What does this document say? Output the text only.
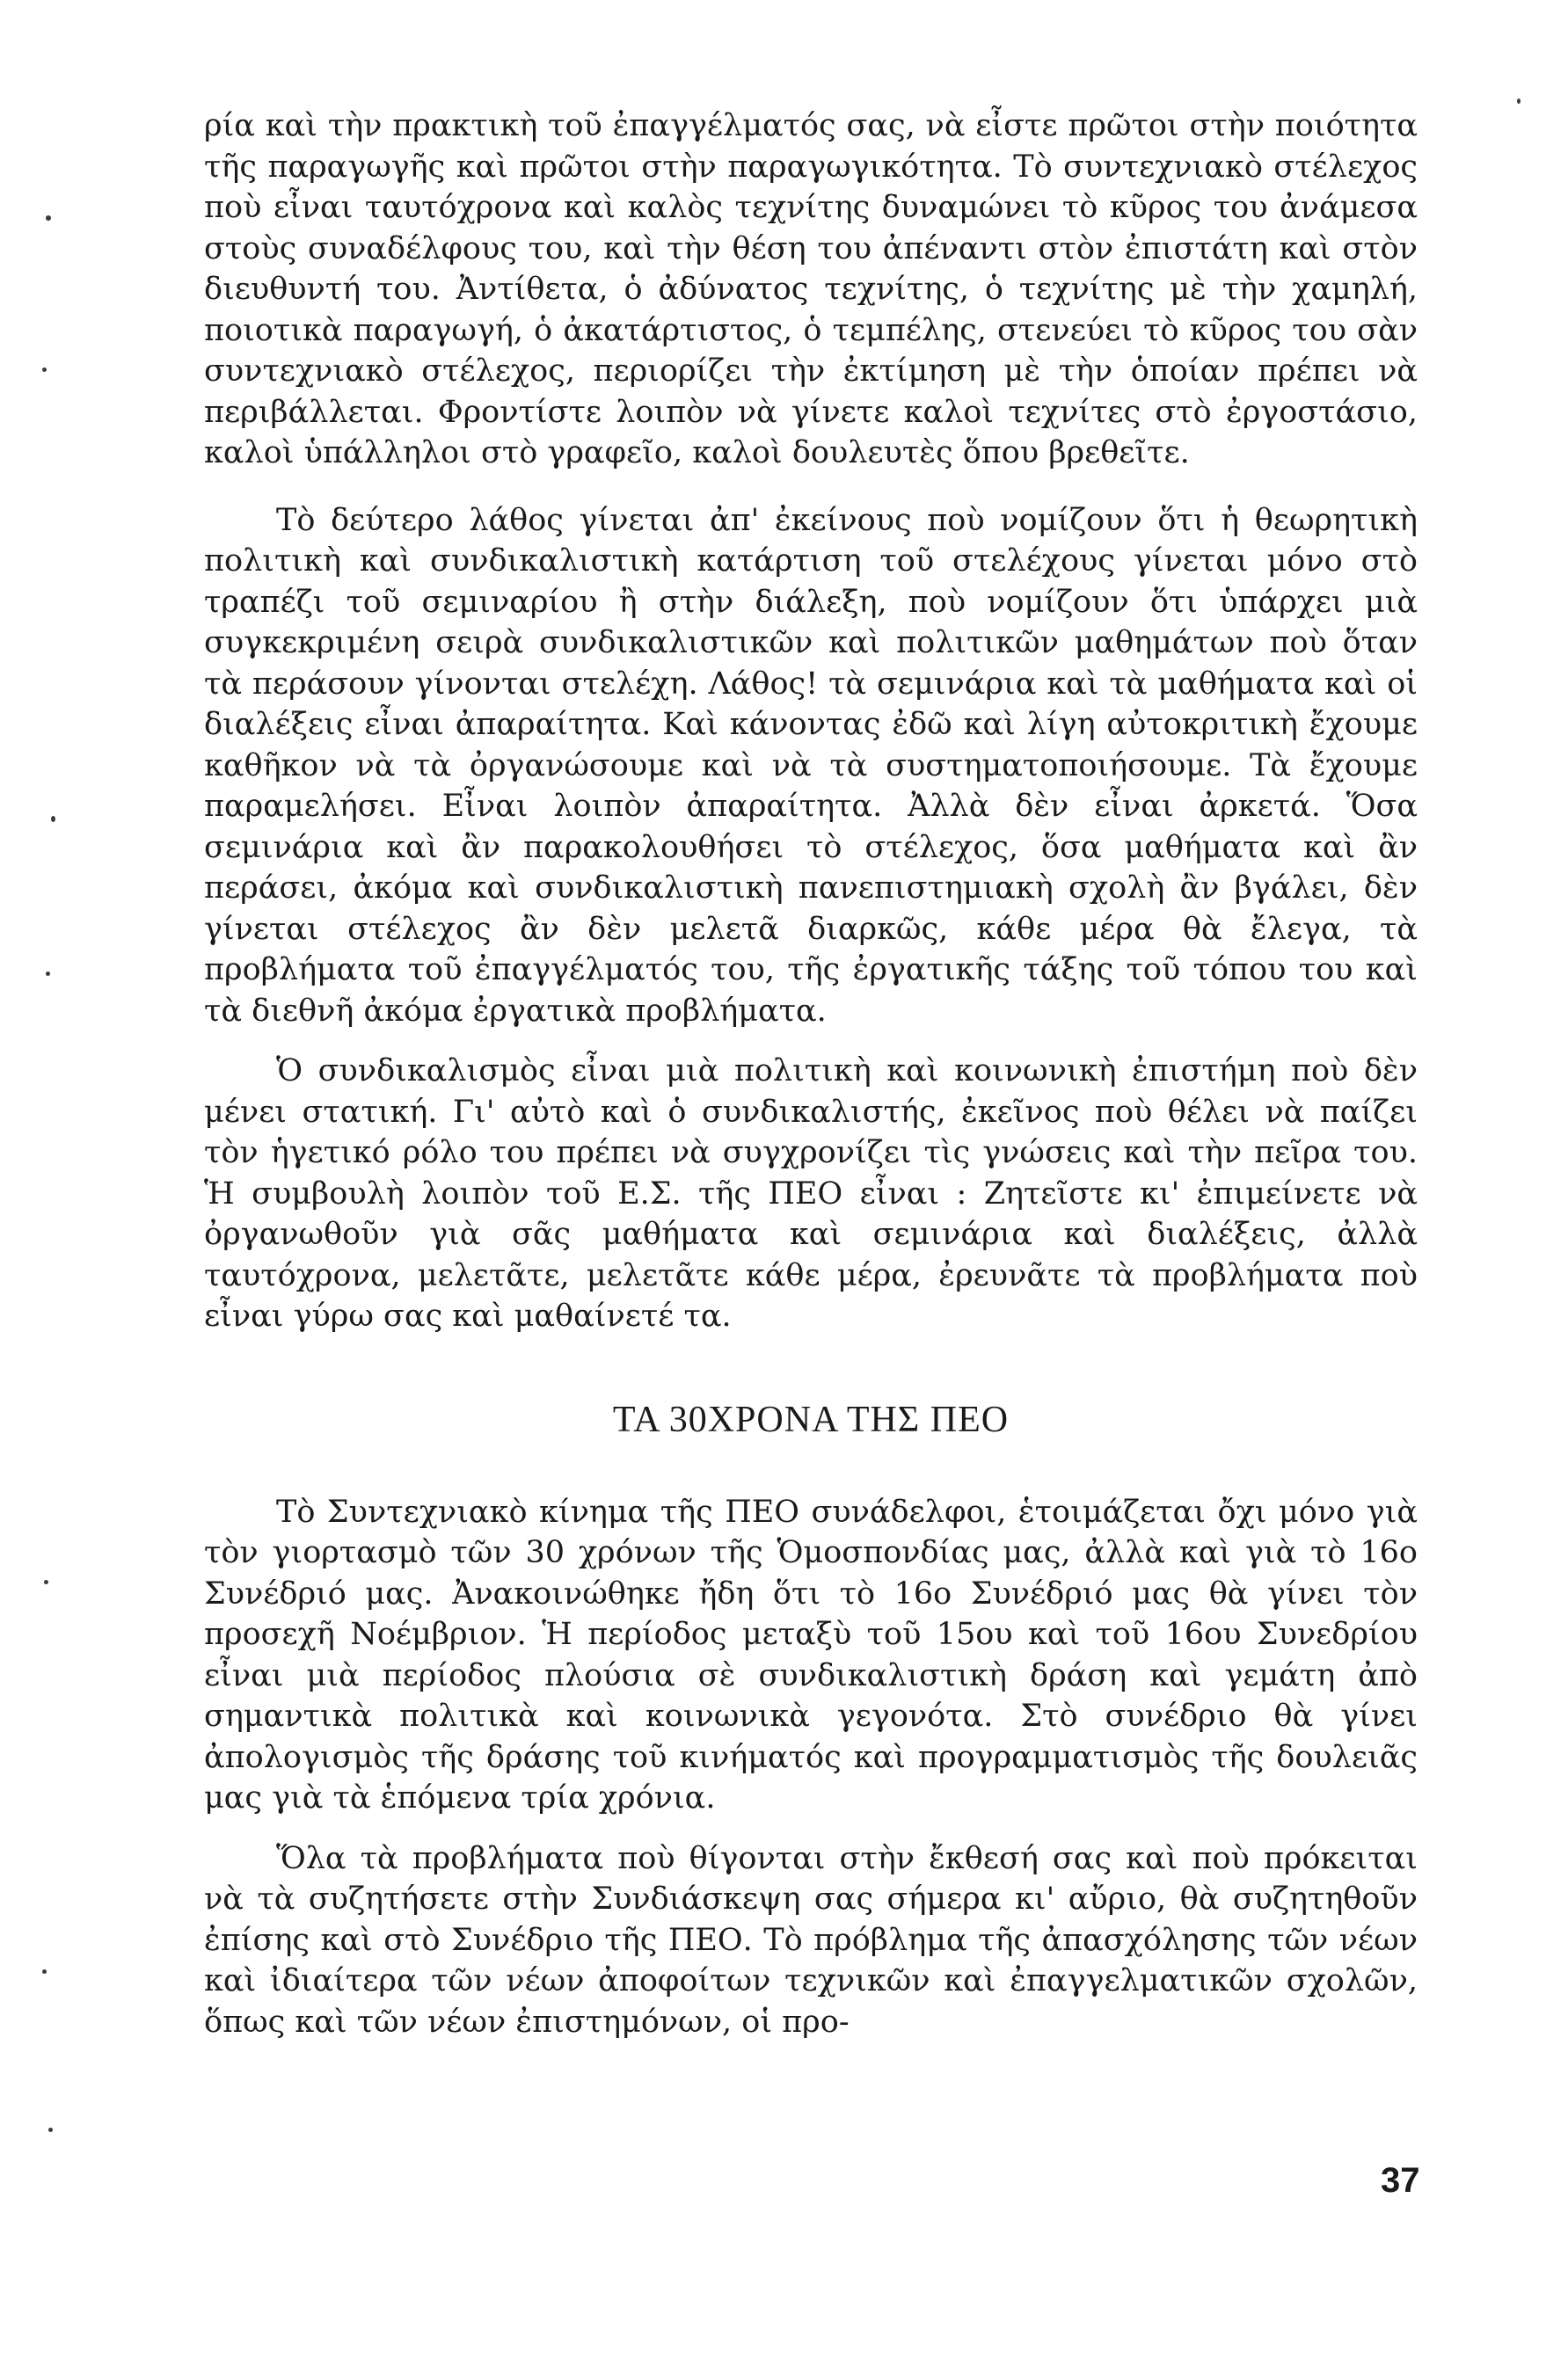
ρία καὶ τὴν πρακτικὴ τοῦ ἐπαγγέλματός σας, νὰ εἶστε πρῶτοι στὴν ποιότητα τῆς παραγωγῆς καὶ πρῶτοι στὴν παραγωγικότητα. Τὸ συντεχνιακὸ στέλεχος ποὺ εἶναι ταυτόχρονα καὶ καλὸς τεχνίτης δυναμώνει τὸ κῦρος του ἀνάμεσα στοὺς συναδέλφους του, καὶ τὴν θέση του ἀπέναντι στὸν ἐπιστάτη καὶ στὸν διευθυντή του. Ἀντίθετα, ὁ ἀδύνατος τεχνίτης, ὁ τεχνίτης μὲ τὴν χαμηλή, ποιοτικὰ παραγωγή, ὁ ἀκατάρτιστος, ὁ τεμπέλης, στενεύει τὸ κῦρος του σὰν συντεχνιακὸ στέλεχος, περιορίζει τὴν ἐκτίμηση μὲ τὴν ὁποίαν πρέπει νὰ περιβάλλεται. Φροντίστε λοιπὸν νὰ γίνετε καλοὶ τεχνίτες στὸ ἐργοστάσιο, καλοὶ ὑπάλληλοι στὸ γραφεῖο, καλοὶ δουλευτὲς ὅπου βρεθεῖτε.

Τὸ δεύτερο λάθος γίνεται ἀπ' ἐκείνους ποὺ νομίζουν ὅτι ἡ θεωρητικὴ πολιτικὴ καὶ συνδικαλιστικὴ κατάρτιση τοῦ στελέχους γίνεται μόνο στὸ τραπέζι τοῦ σεμιναρίου ἢ στὴν διάλεξη, ποὺ νομίζουν ὅτι ὑπάρχει μιὰ συγκεκριμένη σειρὰ συνδικαλιστικῶν καὶ πολιτικῶν μαθημάτων ποὺ ὅταν τὰ περάσουν γίνονται στελέχη. Λάθος! τὰ σεμινάρια καὶ τὰ μαθήματα καὶ οἱ διαλέξεις εἶναι ἀπαραίτητα. Καὶ κάνοντας ἐδῶ καὶ λίγη αὐτοκριτικὴ ἔχουμε καθῆκον νὰ τὰ ὀργανώσουμε καὶ νὰ τὰ συστηματοποιήσουμε. Τὰ ἔχουμε παραμελήσει. Εἶναι λοιπὸν ἀπαραίτητα. Ἀλλὰ δὲν εἶναι ἀρκετά. Ὅσα σεμινάρια καὶ ἂν παρακολουθήσει τὸ στέλεχος, ὅσα μαθήματα καὶ ἂν περάσει, ἀκόμα καὶ συνδικαλιστικὴ πανεπιστημιακὴ σχολὴ ἂν βγάλει, δὲν γίνεται στέλεχος ἂν δὲν μελετᾶ διαρκῶς, κάθε μέρα θὰ ἔλεγα, τὰ προβλήματα τοῦ ἐπαγγέλματός του, τῆς ἐργατικῆς τάξης τοῦ τόπου του καὶ τὰ διεθνῆ ἀκόμα ἐργατικὰ προβλήματα.

Ὁ συνδικαλισμὸς εἶναι μιὰ πολιτικὴ καὶ κοινωνικὴ ἐπιστήμη ποὺ δὲν μένει στατική. Γι' αὐτὸ καὶ ὁ συνδικαλιστής, ἐκεῖνος ποὺ θέλει νὰ παίζει τὸν ἡγετικό ρόλο του πρέπει νὰ συγχρονίζει τὶς γνώσεις καὶ τὴν πεῖρα του. Ἡ συμβουλὴ λοιπὸν τοῦ Ε.Σ. τῆς ΠΕΟ εἶναι : Ζητεῖστε κι' ἐπιμείνετε νὰ ὀργανωθοῦν γιὰ σᾶς μαθήματα καὶ σεμινάρια καὶ διαλέξεις, ἀλλὰ ταυτόχρονα, μελετᾶτε, μελετᾶτε κάθε μέρα, ἐρευνᾶτε τὰ προβλήματα ποὺ εἶναι γύρω σας καὶ μαθαίνετέ τα.

ΤΑ 30ΧΡΟΝΑ ΤΗΣ ΠΕΟ

Τὸ Συντεχνιακὸ κίνημα τῆς ΠΕΟ συνάδελφοι, ἑτοιμάζεται ὄχι μόνο γιὰ τὸν γιορτασμὸ τῶν 30 χρόνων τῆς Ὁμοσπονδίας μας, ἀλλὰ καὶ γιὰ τὸ 16ο Συνέδριό μας. Ἀνακοινώθηκε ἤδη ὅτι τὸ 16ο Συνέδριό μας θὰ γίνει τὸν προσεχῆ Νοέμβριον. Ἡ περίοδος μεταξὺ τοῦ 15ου καὶ τοῦ 16ου Συνεδρίου εἶναι μιὰ περίοδος πλούσια σὲ συνδικαλιστικὴ δράση καὶ γεμάτη ἀπὸ σημαντικὰ πολιτικὰ καὶ κοινωνικὰ γεγονότα. Στὸ συνέδριο θὰ γίνει ἀπολογισμὸς τῆς δράσης τοῦ κινήματός καὶ προγραμματισμὸς τῆς δουλειᾶς μας γιὰ τὰ ἑπόμενα τρία χρόνια.

Ὅλα τὰ προβλήματα ποὺ θίγονται στὴν ἔκθεσή σας καὶ ποὺ πρόκειται νὰ τὰ συζητήσετε στὴν Συνδιάσκεψη σας σήμερα κι' αὔριο, θὰ συζητηθοῦν ἐπίσης καὶ στὸ Συνέδριο τῆς ΠΕΟ. Τὸ πρόβλημα τῆς ἀπασχόλησης τῶν νέων καὶ ἰδιαίτερα τῶν νέων ἀποφοίτων τεχνικῶν καὶ ἐπαγγελματικῶν σχολῶν, ὅπως καὶ τῶν νέων ἐπιστημόνων, οἱ προ-

37
